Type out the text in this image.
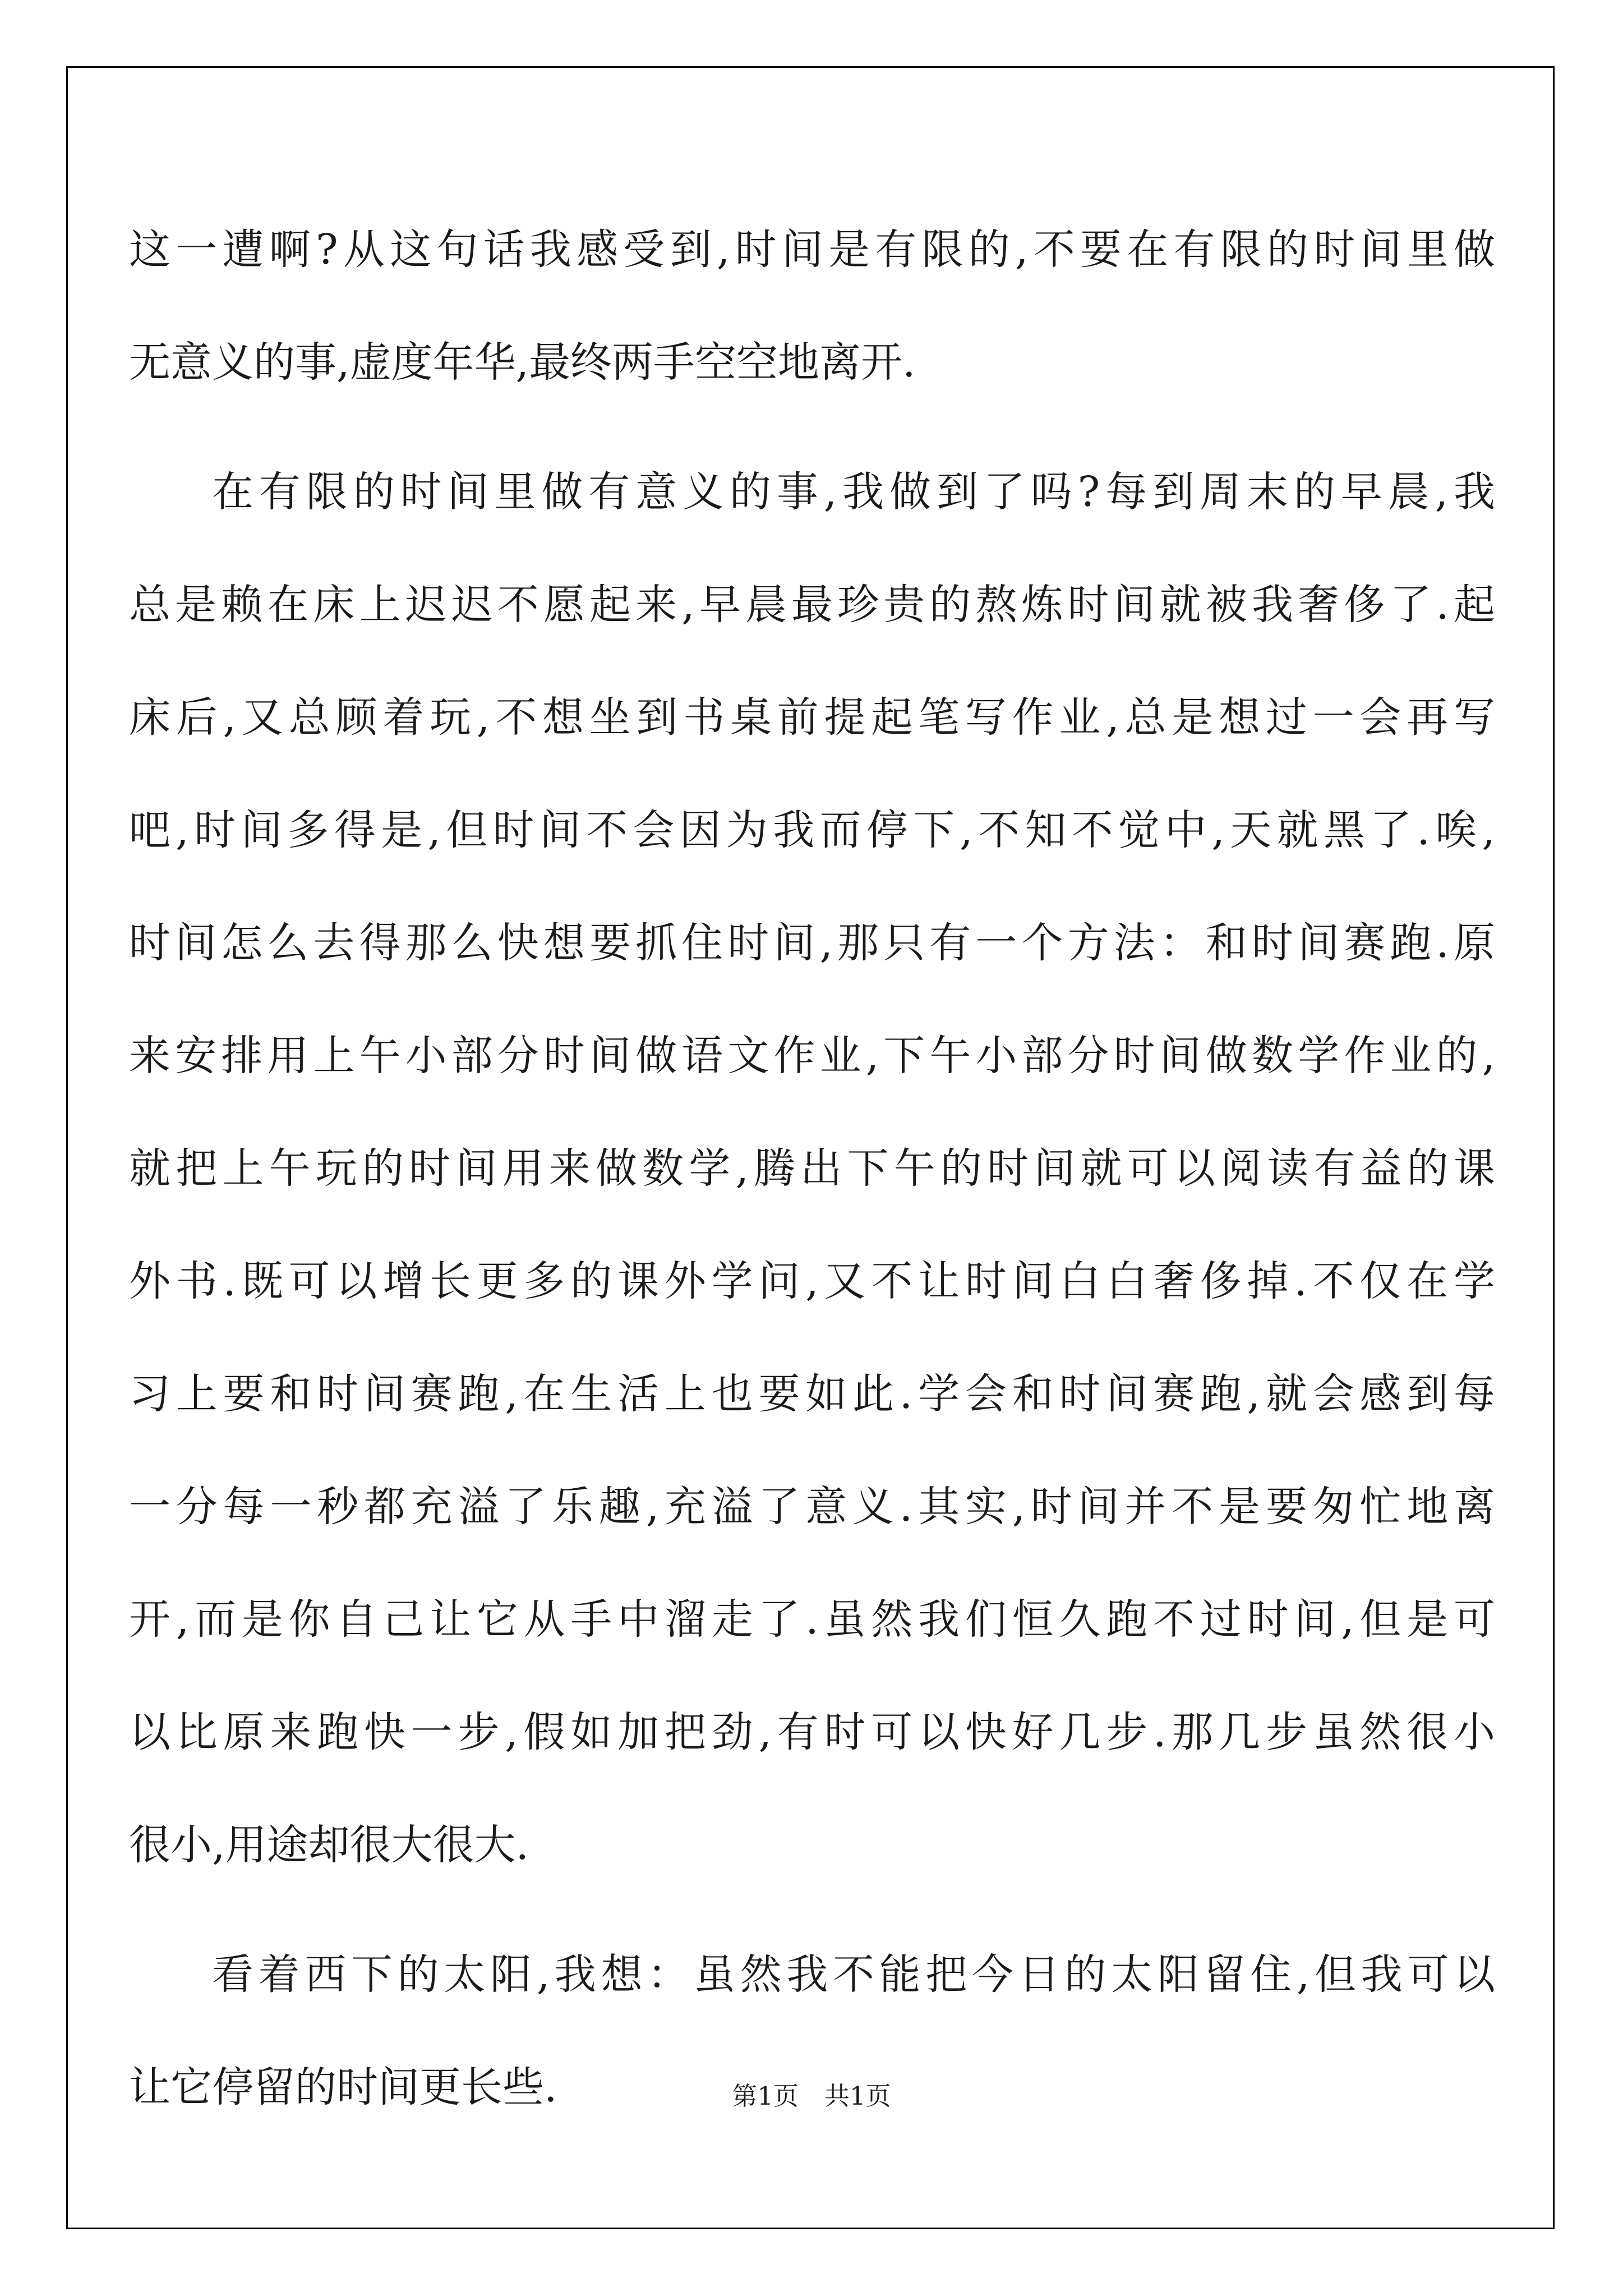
这一遭啊?从这句话我感受到,时间是有限的,不要在有限的时间里做
无意义的事,虚度年华,最终两手空空地离开.
在有限的时间里做有意义的事,我做到了吗?每到周末的早晨,我
总是赖在床上迟迟不愿起来,早晨最珍贵的熬炼时间就被我奢侈了.起
床后,又总顾着玩,不想坐到书桌前提起笔写作业,总是想过一会再写
吧,时间多得是,但时间不会因为我而停下,不知不觉中,天就黑了.唉,
时间怎么去得那么快想要抓住时间,那只有一个方法：和时间赛跑.原
来安排用上午小部分时间做语文作业,下午小部分时间做数学作业的,
就把上午玩的时间用来做数学,腾出下午的时间就可以阅读有益的课
外书.既可以增长更多的课外学问,又不让时间白白奢侈掉.不仅在学
习上要和时间赛跑,在生活上也要如此.学会和时间赛跑,就会感到每
一分每一秒都充溢了乐趣,充溢了意义.其实,时间并不是要匆忙地离
开,而是你自己让它从手中溜走了.虽然我们恒久跑不过时间,但是可
以比原来跑快一步,假如加把劲,有时可以快好几步.那几步虽然很小
很小,用途却很大很大.
看着西下的太阳,我想：虽然我不能把今日的太阳留住,但我可以
让它停留的时间更长些.	第1页 共1页
